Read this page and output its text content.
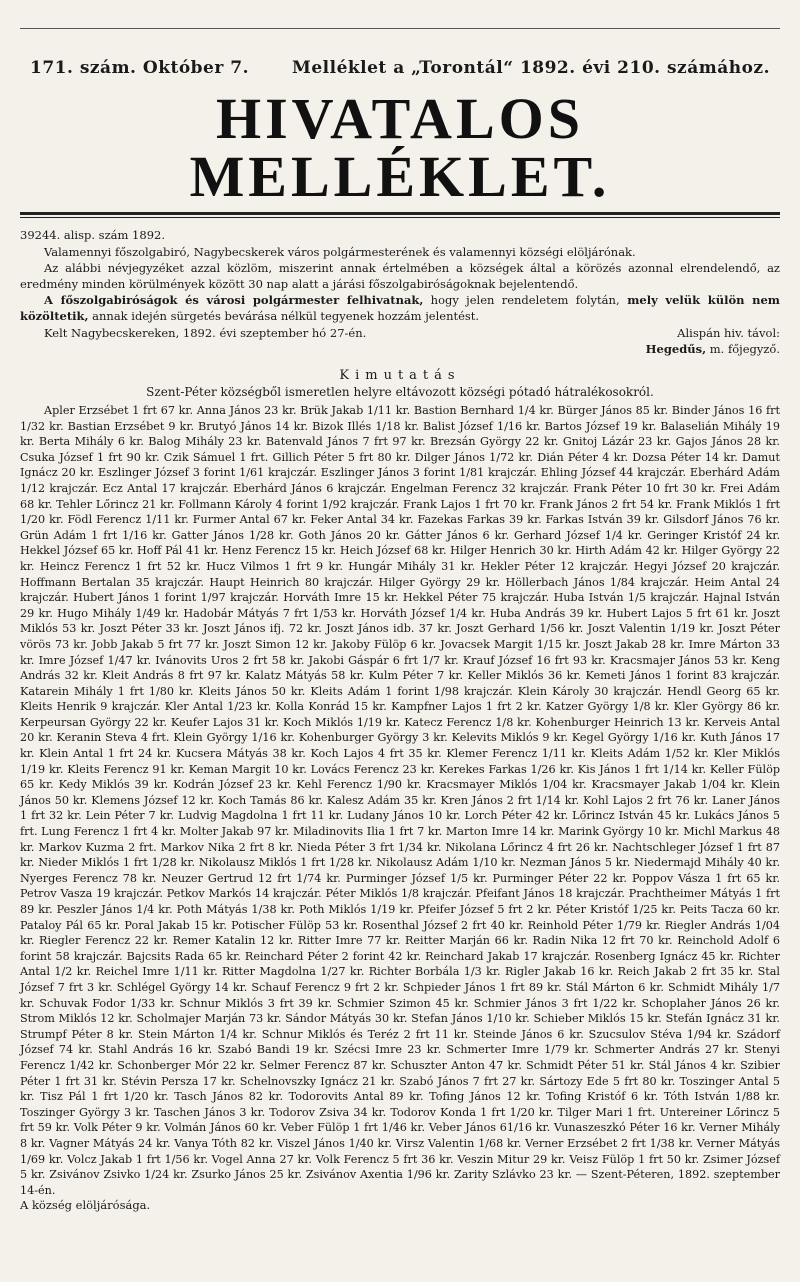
171. szám. Október 7.	Melléklet a „Torontál“ 1892. évi 210. számához.
HIVATALOS MELLÉKLET.

39244. alisp. szám 1892.

Valamennyi főszolgabiró, Nagybecskerek város polgármesterének és valamennyi községi elöljárónak.

Az alábbi névjegyzéket azzal közlöm, miszerint annak értelmében a községek által a körözés azonnal elrendelendő, az eredmény minden körülmények között 30 nap alatt a járási főszolgabiróságoknak bejelentendő.

A főszolgabiróságok és városi polgármester felhivatnak, hogy jelen rendeletem folytán, mely velük külön nem közöltetik, annak idején sürgetés bevárása nélkül tegyenek hozzám jelentést.

Kelt Nagybecskereken, 1892. évi szeptember hó 27-én.	Alispán hiv. távol:
Hegedűs, m. főjegyző.
Kimutatás

Szent-Péter községből ismeretlen helyre eltávozott községi pótadó hátralékosokról.

Apler Erzsébet 1 frt 67 kr. Anna János 23 kr. Brük Jakab 1/11 kr. Bastion Bernhard 1/4 kr. Bürger János 85 kr. Binder János 16 frt 1/32 kr. Bastian Erzsébet 9 kr. Brutyó János 14 kr. Bizok Illés 1/18 kr. Balist József 1/16 kr. Bartos József 19 kr. Balaselián Mihály 19 kr. Berta Mihály 6 kr. Balog Mihály 23 kr. Batenvald János 7 frt 97 kr. Brezsán György 22 kr. Gnitoj Lázár 23 kr. Gajos János 28 kr. Csuka József 1 frt 90 kr. Czik Sámuel 1 frt. Gillich Péter 5 frt 80 kr. Dilger János 1/72 kr. Dián Péter 4 kr. Dozsa Péter 14 kr. Damut Ignácz 20 kr. Eszlinger József 3 forint 1/61 krajczár. Eszlinger János 3 forint 1/81 krajczár. Ehling József 44 krajczár. Eberhárd Adám 1/12 krajczár. Ecz Antal 17 krajczár. Eberhárd János 6 krajczár. Engelman Ferencz 32 krajczár. Frank Péter 10 frt 30 kr. Frei Adám 68 kr. Tehler Lőrincz 21 kr. Follmann Károly 4 forint 1/92 krajczár. Frank Lajos 1 frt 70 kr. Frank János 2 frt 54 kr. Frank Miklós 1 frt 1/20 kr. Födl Ferencz 1/11 kr. Furmer Antal 67 kr. Feker Antal 34 kr. Fazekas Farkas 39 kr. Farkas István 39 kr. Gilsdorf János 76 kr. Grün Adám 1 frt 1/16 kr. Gatter János 1/28 kr. Goth János 20 kr. Gátter János 6 kr. Gerhard József 1/4 kr. Geringer Kristóf 24 kr. Hekkel József 65 kr. Hoff Pál 41 kr. Henz Ferencz 15 kr. Heich József 68 kr. Hilger Henrich 30 kr. Hirth Adám 42 kr. Hilger György 22 kr. Heincz Ferencz 1 frt 52 kr. Hucz Vilmos 1 frt 9 kr. Hungár Mihály 31 kr. Hekler Péter 12 krajczár. Hegyi József 20 krajczár. Hoffmann Bertalan 35 krajczár. Haupt Heinrich 80 krajczár. Hilger György 29 kr. Höllerbach János 1/84 krajczár. Heim Antal 24 krajczár. Hubert János 1 forint 1/97 krajczár. Horváth Imre 15 kr. Hekkel Péter 75 krajczár. Huba István 1/5 krajczár. Hajnal István 29 kr. Hugo Mihály 1/49 kr. Hadobár Mátyás 7 frt 1/53 kr. Horváth József 1/4 kr. Huba András 39 kr. Hubert Lajos 5 frt 61 kr. Joszt Miklós 53 kr. Joszt Péter 33 kr. Joszt János ifj. 72 kr. Joszt János idb. 37 kr. Joszt Gerhard 1/56 kr. Joszt Valentin 1/19 kr. Joszt Péter vörös 73 kr. Jobb Jakab 5 frt 77 kr. Joszt Simon 12 kr. Jakoby Fülöp 6 kr. Jovacsek Margit 1/15 kr. Joszt Jakab 28 kr. Imre Márton 33 kr. Imre József 1/47 kr. Ivánovits Uros 2 frt 58 kr. Jakobi Gáspár 6 frt 1/7 kr. Krauf József 16 frt 93 kr. Kracsmajer János 53 kr. Keng András 32 kr. Kleit András 8 frt 97 kr. Kalatz Mátyás 58 kr. Kulm Péter 7 kr. Keller Miklós 36 kr. Kemeti János 1 forint 83 krajczár. Katarein Mihály 1 frt 1/80 kr. Kleits János 50 kr. Kleits Adám 1 forint 1/98 krajczár. Klein Károly 30 krajczár. Hendl Georg 65 kr. Kleits Henrik 9 krajczár. Kler Antal 1/23 kr. Kolla Konrád 15 kr. Kampfner Lajos 1 frt 2 kr. Katzer György 1/8 kr. Kler György 86 kr. Kerpeursan György 22 kr. Keufer Lajos 31 kr. Koch Miklós 1/19 kr. Katecz Ferencz 1/8 kr. Kohenburger Heinrich 13 kr. Kerveis Antal 20 kr. Keranin Steva 4 frt. Klein György 1/16 kr. Kohenburger György 3 kr. Kelevits Miklós 9 kr. Kegel György 1/16 kr. Kuth János 17 kr. Klein Antal 1 frt 24 kr. Kucsera Mátyás 38 kr. Koch Lajos 4 frt 35 kr. Klemer Ferencz 1/11 kr. Kleits Adám 1/52 kr. Kler Miklós 1/19 kr. Kleits Ferencz 91 kr. Keman Margit 10 kr. Lovács Ferencz 23 kr. Kerekes Farkas 1/26 kr. Kis János 1 frt 1/14 kr. Keller Fülöp 65 kr. Kedy Miklós 39 kr. Kodrán József 23 kr. Kehl Ferencz 1/90 kr. Kracsmayer Miklós 1/04 kr. Kracsmayer Jakab 1/04 kr. Klein János 50 kr. Klemens József 12 kr. Koch Tamás 86 kr. Kalesz Adám 35 kr. Kren János 2 frt 1/14 kr. Kohl Lajos 2 frt 76 kr. Laner János 1 frt 32 kr. Lein Péter 7 kr. Ludvig Magdolna 1 frt 11 kr. Ludany János 10 kr. Lorch Péter 42 kr. Lőrincz István 45 kr. Lukács János 5 frt. Lung Ferencz 1 frt 4 kr. Molter Jakab 97 kr. Miladinovits Ilia 1 frt 7 kr. Marton Imre 14 kr. Marink György 10 kr. Michl Markus 48 kr. Markov Kuzma 2 frt. Markov Nika 2 frt 8 kr. Nieda Péter 3 frt 1/34 kr. Nikolana Lőrincz 4 frt 26 kr. Nachtschleger József 1 frt 87 kr. Nieder Miklós 1 frt 1/28 kr. Nikolausz Miklós 1 frt 1/28 kr. Nikolausz Adám 1/10 kr. Nezman János 5 kr. Niedermajd Mihály 40 kr. Nyerges Ferencz 78 kr. Neuzer Gertrud 12 frt 1/74 kr. Purminger József 1/5 kr. Purminger Péter 22 kr. Poppov Vásza 1 frt 65 kr. Petrov Vasza 19 krajczár. Petkov Markós 14 krajczár. Péter Miklós 1/8 krajczár. Pfeifant János 18 krajczár. Prachtheimer Mátyás 1 frt 89 kr. Peszler János 1/4 kr. Poth Mátyás 1/38 kr. Poth Miklós 1/19 kr. Pfeifer József 5 frt 2 kr. Péter Kristóf 1/25 kr. Peits Tacza 60 kr. Pataloy Pál 65 kr. Poral Jakab 15 kr. Potischer Fülöp 53 kr. Rosenthal József 2 frt 40 kr. Reinhold Péter 1/79 kr. Riegler András 1/04 kr. Riegler Ferencz 22 kr. Remer Katalin 12 kr. Ritter Imre 77 kr. Reitter Marján 66 kr. Radin Nika 12 frt 70 kr. Reinchold Adolf 6 forint 58 krajczár. Bajcsits Rada 65 kr. Reinchard Péter 2 forint 42 kr. Reinchard Jakab 17 krajczár. Rosenberg Ignácz 45 kr. Richter Antal 1/2 kr. Reichel Imre 1/11 kr. Ritter Magdolna 1/27 kr. Richter Borbála 1/3 kr. Rigler Jakab 16 kr. Reich Jakab 2 frt 35 kr. Stal József 7 frt 3 kr. Schlégel György 14 kr. Schauf Ferencz 9 frt 2 kr. Schpieder János 1 frt 89 kr. Stál Márton 6 kr. Schmidt Mihály 1/7 kr. Schuvak Fodor 1/33 kr. Schnur Miklós 3 frt 39 kr. Schmier Szimon 45 kr. Schmier János 3 frt 1/22 kr. Schoplaher János 26 kr. Strom Miklós 12 kr. Scholmajer Marján 73 kr. Sándor Mátyás 30 kr. Stefan János 1/10 kr. Schieber Miklós 15 kr. Stefán Ignácz 31 kr. Strumpf Péter 8 kr. Stein Márton 1/4 kr. Schnur Miklós és Teréz 2 frt 11 kr. Steinde János 6 kr. Szucsulov Stéva 1/94 kr. Szádorf József 74 kr. Stahl András 16 kr. Szabó Bandi 19 kr. Szécsi Imre 23 kr. Schmerter Imre 1/79 kr. Schmerter András 27 kr. Stenyi Ferencz 1/42 kr. Schonberger Mór 22 kr. Selmer Ferencz 87 kr. Schuszter Anton 47 kr. Schmidt Péter 51 kr. Stál János 4 kr. Szibier Péter 1 frt 31 kr. Stévin Persza 17 kr. Schelnovszky Ignácz 21 kr. Szabó János 7 frt 27 kr. Sártozy Ede 5 frt 80 kr. Toszinger Antal 5 kr. Tisz Pál 1 frt 1/20 kr. Tasch János 82 kr. Todorovits Antal 89 kr. Tofing János 12 kr. Tofing Kristóf 6 kr. Tóth István 1/88 kr. Toszinger György 3 kr. Taschen János 3 kr. Todorov Zsiva 34 kr. Todorov Konda 1 frt 1/20 kr. Tilger Mari 1 frt. Untereiner Lőrincz 5 frt 59 kr. Volk Péter 9 kr. Volmán János 60 kr. Veber Fülöp 1 frt 1/46 kr. Veber János 61/16 kr. Vunaszeszkó Péter 16 kr. Verner Mihály 8 kr. Vagner Mátyás 24 kr. Vanya Tóth 82 kr. Viszel János 1/40 kr. Virsz Valentin 1/68 kr. Verner Erzsébet 2 frt 1/38 kr. Verner Mátyás 1/69 kr. Volcz Jakab 1 frt 1/56 kr. Vogel Anna 27 kr. Volk Ferencz 5 frt 36 kr. Veszin Mitur 29 kr. Veisz Fülöp 1 frt 50 kr. Zsimer József 5 kr. Zsivánov Zsivko 1/24 kr. Zsurko János 25 kr. Zsivánov Axentia 1/96 kr. Zarity Szlávko 23 kr. — Szent-Péteren, 1892. szeptember 14-én.

A község elöljárósága.
